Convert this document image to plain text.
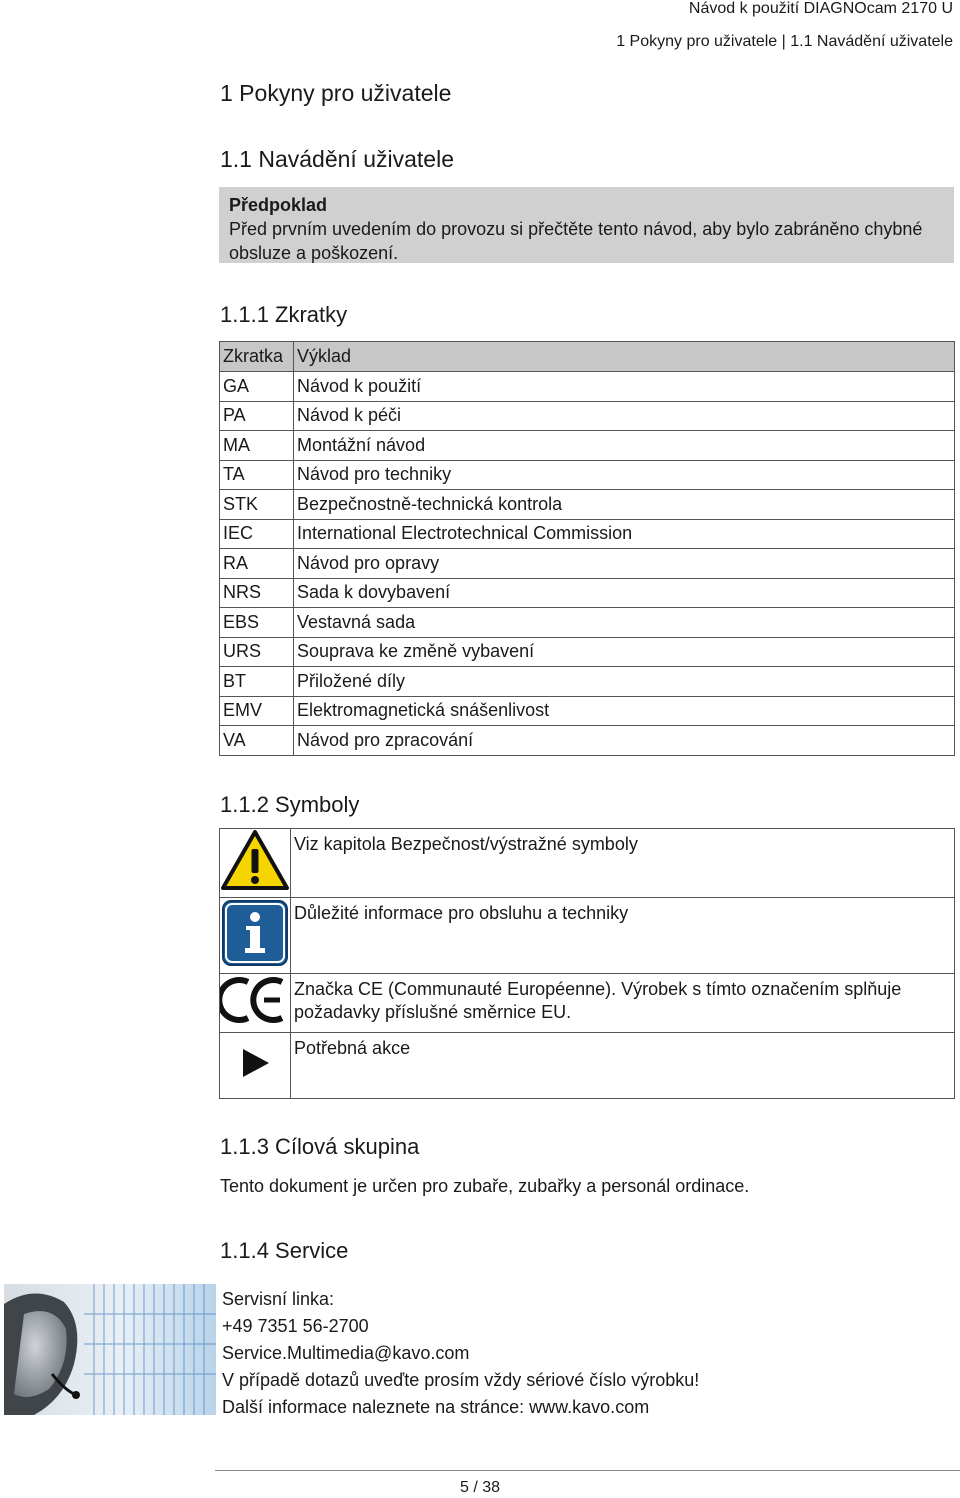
Návod k použití DIAGNOcam 2170 U
1 Pokyny pro uživatele | 1.1 Navádění uživatele
1 Pokyny pro uživatele
1.1 Navádění uživatele
Předpoklad
Před prvním uvedením do provozu si přečtěte tento návod, aby bylo zabráněno chybné obsluze a poškození.
1.1.1 Zkratky
Zkratka	Výklad
GA	Návod k použití
PA	Návod k péči
MA	Montážní návod
TA	Návod pro techniky
STK	Bezpečnostně-technická kontrola
IEC	International Electrotechnical Commission
RA	Návod pro opravy
NRS	Sada k dovybavení
EBS	Vestavná sada
URS	Souprava ke změně vybavení
BT	Přiložené díly
EMV	Elektromagnetická snášenlivost
VA	Návod pro zpracování
1.1.2 Symboly
	Viz kapitola Bezpečnost/výstražné symboly
	Důležité informace pro obsluhu a techniky
	Značka CE (Communauté Européenne). Výrobek s tímto označením splňuje požadavky příslušné směrnice EU.
	Potřebná akce
1.1.3 Cílová skupina
Tento dokument je určen pro zubaře, zubařky a personál ordinace.
1.1.4 Service
Servisní linka:
+49 7351 56-2700
Service.Multimedia@kavo.com
V případě dotazů uveďte prosím vždy sériové číslo výrobku!
Další informace naleznete na stránce: www.kavo.com
5 / 38
